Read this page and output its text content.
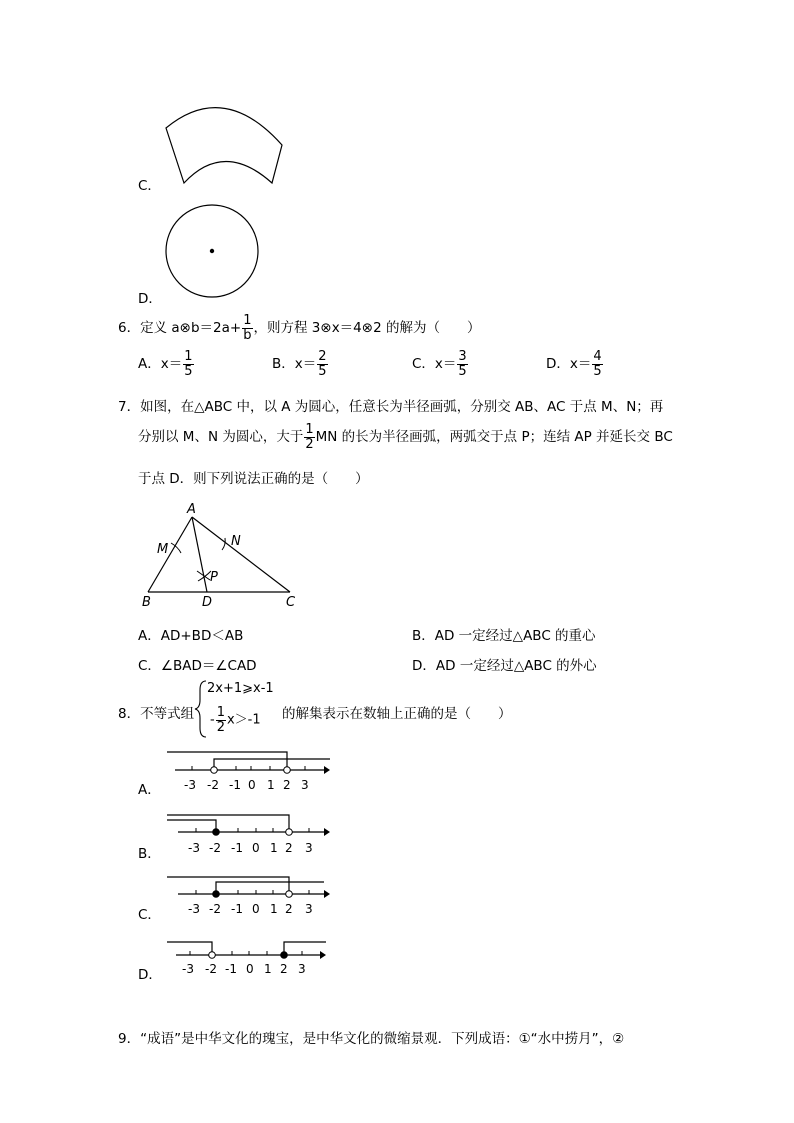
C．
D．
6．定义 a⊗b＝2a+ $\frac{1}{b}$ ，则方程 3⊗x＝4⊗2 的解为（　　）
A．$x= \frac{1}{5}$	B．$x= \frac{2}{5}$	C．$x= \frac{3}{5}$	D．$x= \frac{4}{5}$
7．如图，在△ABC 中，以 A 为圆心，任意长为半径画弧，分别交 AB、AC 于点 M、N；再
分别以 M、N 为圆心，大于 $\frac{1}{2}$ MN 的长为半径画弧，两弧交于点 P；连结 AP 并延长交 BC
于点 D．则下列说法正确的是（　　）
A
B	C
D
M
N
P
A．AD+BD＜AB	B．AD 一定经过△ABC 的重心
C．∠BAD＝∠CAD	D．AD 一定经过△ABC 的外心
8．不等式组
2x+1⩾x-1
- $\frac{1}{2} x>-1$ 的解集表示在数轴上正确的是（　　）
A． -3 -2 -1 0 1 2 3
B． -3 -2 -1 0 1 2 3
C． -3 -2 -1 0 1 2 3
D． -3 -2 -1 0 1 2 3
9．“成语”是中华文化的瑰宝，是中华文化的微缩景观．下列成语：①“水中捞月”，②
